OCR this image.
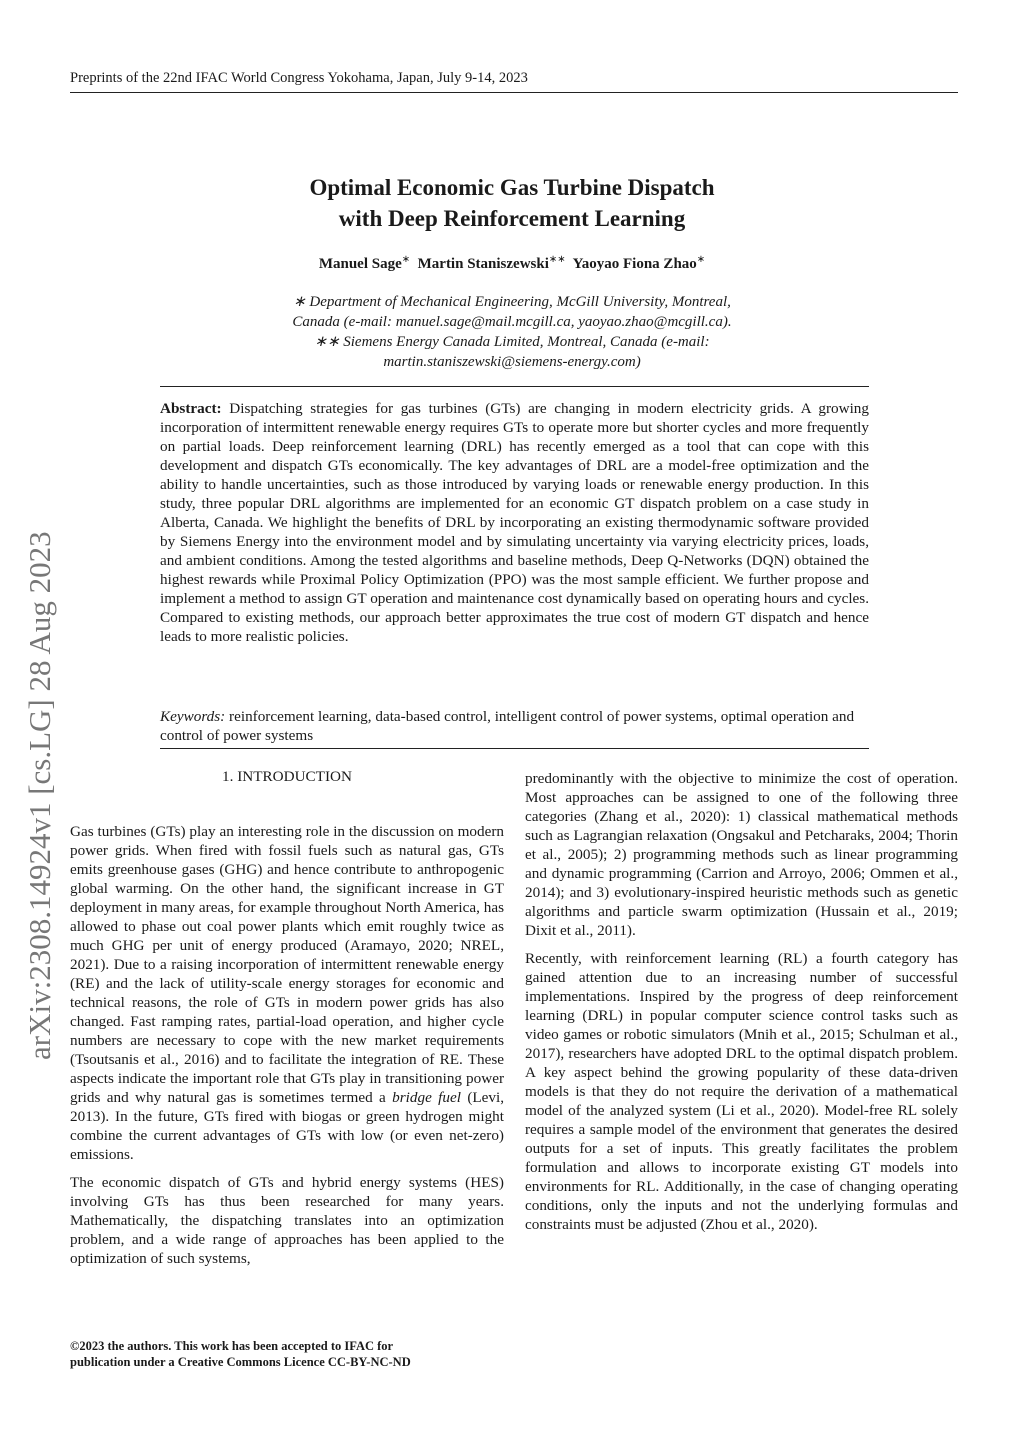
Preprints of the 22nd IFAC World Congress Yokohama, Japan, July 9-14, 2023
arXiv:2308.14924v1 [cs.LG] 28 Aug 2023
Optimal Economic Gas Turbine Dispatch
with Deep Reinforcement Learning
Manuel Sage∗ Martin Staniszewski∗∗ Yaoyao Fiona Zhao∗
∗ Department of Mechanical Engineering, McGill University, Montreal,
Canada (e-mail: manuel.sage@mail.mcgill.ca, yaoyao.zhao@mcgill.ca).
∗∗ Siemens Energy Canada Limited, Montreal, Canada (e-mail:
martin.staniszewski@siemens-energy.com)
Abstract: Dispatching strategies for gas turbines (GTs) are changing in modern electricity grids. A growing incorporation of intermittent renewable energy requires GTs to operate more but shorter cycles and more frequently on partial loads. Deep reinforcement learning (DRL) has recently emerged as a tool that can cope with this development and dispatch GTs economically. The key advantages of DRL are a model-free optimization and the ability to handle uncertainties, such as those introduced by varying loads or renewable energy production. In this study, three popular DRL algorithms are implemented for an economic GT dispatch problem on a case study in Alberta, Canada. We highlight the benefits of DRL by incorporating an existing thermodynamic software provided by Siemens Energy into the environment model and by simulating uncertainty via varying electricity prices, loads, and ambient conditions. Among the tested algorithms and baseline methods, Deep Q-Networks (DQN) obtained the highest rewards while Proximal Policy Optimization (PPO) was the most sample efficient. We further propose and implement a method to assign GT operation and maintenance cost dynamically based on operating hours and cycles. Compared to existing methods, our approach better approximates the true cost of modern GT dispatch and hence leads to more realistic policies.
Keywords: reinforcement learning, data-based control, intelligent control of power systems, optimal operation and control of power systems
1. INTRODUCTION

Gas turbines (GTs) play an interesting role in the discussion on modern power grids. When fired with fossil fuels such as natural gas, GTs emits greenhouse gases (GHG) and hence contribute to anthropogenic global warming. On the other hand, the significant increase in GT deployment in many areas, for example throughout North America, has allowed to phase out coal power plants which emit roughly twice as much GHG per unit of energy produced (Aramayo, 2020; NREL, 2021). Due to a raising incorporation of intermittent renewable energy (RE) and the lack of utility-scale energy storages for economic and technical reasons, the role of GTs in modern power grids has also changed. Fast ramping rates, partial-load operation, and higher cycle numbers are necessary to cope with the new market requirements (Tsoutsanis et al., 2016) and to facilitate the integration of RE. These aspects indicate the important role that GTs play in transitioning power grids and why natural gas is sometimes termed a bridge fuel (Levi, 2013). In the future, GTs fired with biogas or green hydrogen might combine the current advantages of GTs with low (or even net-zero) emissions.

The economic dispatch of GTs and hybrid energy systems (HES) involving GTs has thus been researched for many years. Mathematically, the dispatching translates into an optimization problem, and a wide range of approaches has been applied to the optimization of such systems,

predominantly with the objective to minimize the cost of operation. Most approaches can be assigned to one of the following three categories (Zhang et al., 2020): 1) classical mathematical methods such as Lagrangian relaxation (Ongsakul and Petcharaks, 2004; Thorin et al., 2005); 2) programming methods such as linear programming and dynamic programming (Carrion and Arroyo, 2006; Ommen et al., 2014); and 3) evolutionary-inspired heuristic methods such as genetic algorithms and particle swarm optimization (Hussain et al., 2019; Dixit et al., 2011).

Recently, with reinforcement learning (RL) a fourth category has gained attention due to an increasing number of successful implementations. Inspired by the progress of deep reinforcement learning (DRL) in popular computer science control tasks such as video games or robotic simulators (Mnih et al., 2015; Schulman et al., 2017), researchers have adopted DRL to the optimal dispatch problem. A key aspect behind the growing popularity of these data-driven models is that they do not require the derivation of a mathematical model of the analyzed system (Li et al., 2020). Model-free RL solely requires a sample model of the environment that generates the desired outputs for a set of inputs. This greatly facilitates the problem formulation and allows to incorporate existing GT models into environments for RL. Additionally, in the case of changing operating conditions, only the inputs and not the underlying formulas and constraints must be adjusted (Zhou et al., 2020).

©2023 the authors. This work has been accepted to IFAC for
publication under a Creative Commons Licence CC-BY-NC-ND
